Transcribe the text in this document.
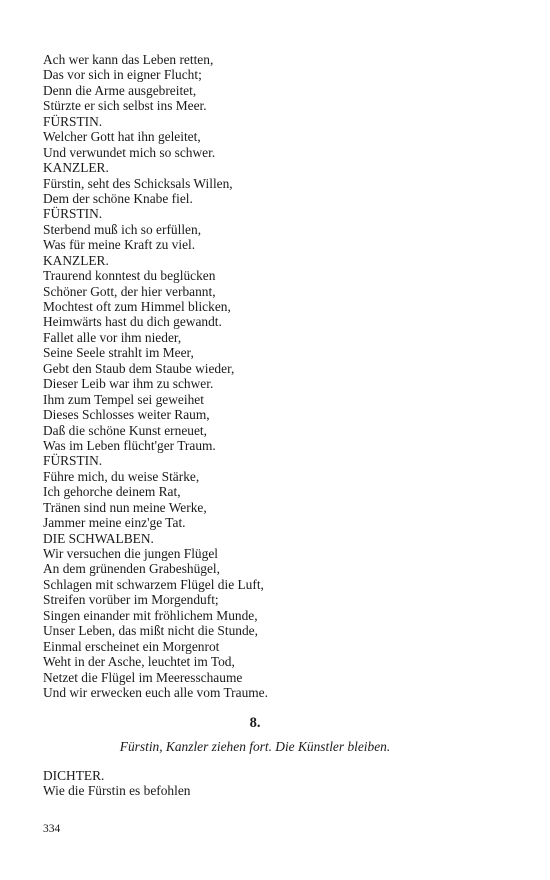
Ach wer kann das Leben retten,
Das vor sich in eigner Flucht;
Denn die Arme ausgebreitet,
Stürzte er sich selbst ins Meer.
FÜRSTIN.
Welcher Gott hat ihn geleitet,
Und verwundet mich so schwer.
KANZLER.
Fürstin, seht des Schicksals Willen,
Dem der schöne Knabe fiel.
FÜRSTIN.
Sterbend muß ich so erfüllen,
Was für meine Kraft zu viel.
KANZLER.
Traurend konntest du beglücken
Schöner Gott, der hier verbannt,
Mochtest oft zum Himmel blicken,
Heimwärts hast du dich gewandt.
Fallet alle vor ihm nieder,
Seine Seele strahlt im Meer,
Gebt den Staub dem Staube wieder,
Dieser Leib war ihm zu schwer.
Ihm zum Tempel sei geweihet
Dieses Schlosses weiter Raum,
Daß die schöne Kunst erneuet,
Was im Leben flücht'ger Traum.
FÜRSTIN.
Führe mich, du weise Stärke,
Ich gehorche deinem Rat,
Tränen sind nun meine Werke,
Jammer meine einz'ge Tat.
DIE SCHWALBEN.
Wir versuchen die jungen Flügel
An dem grünenden Grabeshügel,
Schlagen mit schwarzem Flügel die Luft,
Streifen vorüber im Morgenduft;
Singen einander mit fröhlichem Munde,
Unser Leben, das mißt nicht die Stunde,
Einmal erscheinet ein Morgenrot
Weht in der Asche, leuchtet im Tod,
Netzet die Flügel im Meeresschaume
Und wir erwecken euch alle vom Traume.
8.
Fürstin, Kanzler ziehen fort. Die Künstler bleiben.
DICHTER.
Wie die Fürstin es befohlen
334
